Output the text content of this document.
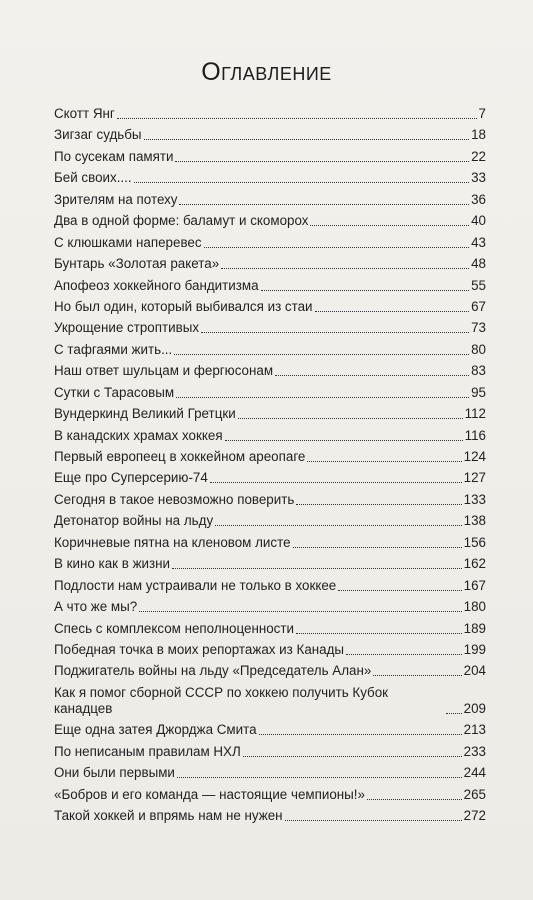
Оглавление
Скотт Янг	7
Зигзаг судьбы	18
По сусекам памяти	22
Бей своих....	33
Зрителям на потеху	36
Два в одной форме: баламут и скоморох	40
С клюшками наперевес	43
Бунтарь «Золотая ракета»	48
Апофеоз хоккейного бандитизма	55
Но был один, который выбивался из стаи	67
Укрощение строптивых	73
С тафгаями жить...	80
Наш ответ шульцам и фергюсонам	83
Сутки с Тарасовым	95
Вундеркинд Великий Гретцки	112
В канадских храмах хоккея	116
Первый европеец в хоккейном ареопаге	124
Еще про Суперсерию-74	127
Сегодня в такое невозможно поверить	133
Детонатор войны на льду	138
Коричневые пятна на кленовом листе	156
В кино как в жизни	162
Подлости нам устраивали не только в хоккее	167
А что же мы?	180
Спесь с комплексом неполноценности	189
Победная точка в моих репортажах из Канады	199
Поджигатель войны на льду «Председатель Алан»	204
Как я помог сборной СССР по хоккею получить Кубок канадцев	209
Еще одна затея Джорджа Смита	213
По неписаным правилам НХЛ	233
Они были первыми	244
«Бобров и его команда — настоящие чемпионы!»	265
Такой хоккей и впрямь нам не нужен	272
